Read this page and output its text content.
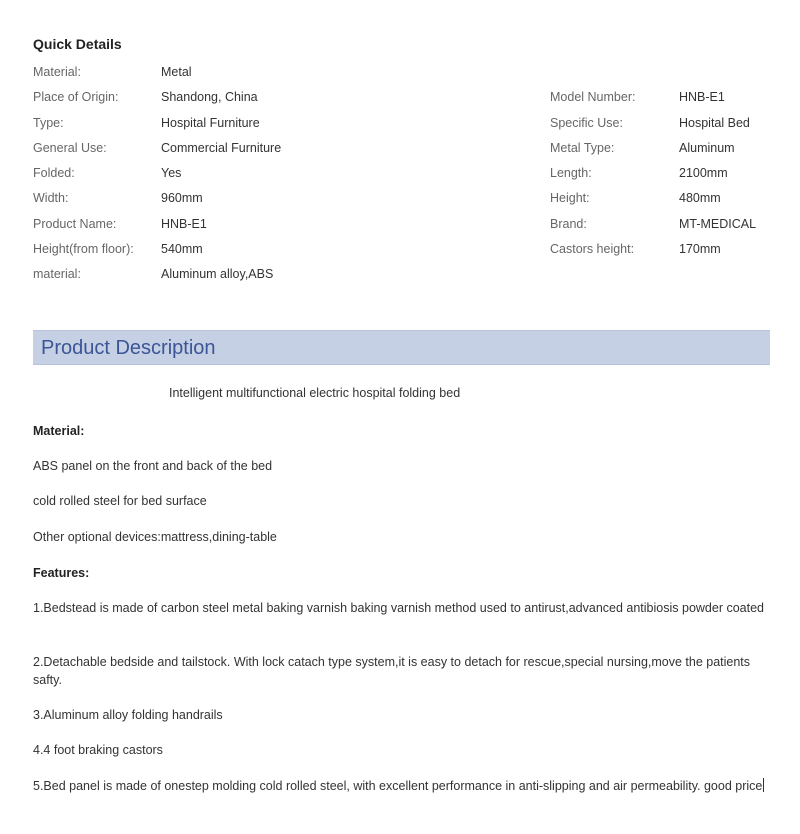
Quick Details
Material:	Metal
Place of Origin:	Shandong, China
Type:	Hospital Furniture
General Use:	Commercial Furniture
Folded:	Yes
Width:	960mm
Product Name:	HNB-E1
Height(from floor): 540mm
material:	Aluminum alloy,ABS
Model Number:	HNB-E1
Specific Use:	Hospital Bed
Metal Type:	Aluminum
Length:	2100mm
Height:	480mm
Brand:	MT-MEDICAL
Castors height:	170mm
Product Description
Intelligent multifunctional electric hospital folding bed
Material:
ABS panel on the front and back of the bed
cold rolled steel for bed surface
Other optional devices:mattress,dining-table
Features:
1.Bedstead is made of carbon steel metal baking varnish baking varnish method used to antirust,advanced antibiosis powder coated
2.Detachable bedside and tailstock. With lock catach type system,it is easy to detach for rescue,special nursing,move the patients safty.
3.Aluminum alloy folding handrails
4.4 foot braking castors
5.Bed panel is made of onestep molding cold rolled steel, with excellent performance in anti-slipping and air permeability. good price
